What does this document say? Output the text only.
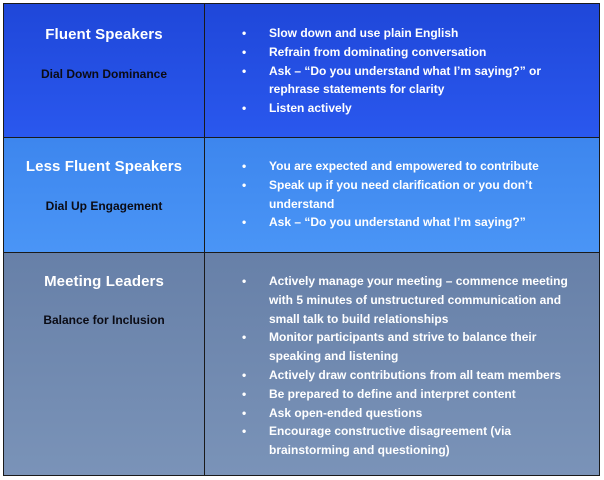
Fluent Speakers
Dial Down Dominance
• Slow down and use plain English
• Refrain from dominating conversation
• Ask – “Do you understand what I’m saying?” or rephrase statements for clarity
• Listen actively
Less Fluent Speakers
Dial Up Engagement
• You are expected and empowered to contribute
• Speak up if you need clarification or you don’t understand
• Ask – “Do you understand what I’m saying?”
Meeting Leaders
Balance for Inclusion
• Actively manage your meeting – commence meeting with 5 minutes of unstructured communication and small talk to build relationships
• Monitor participants and strive to balance their speaking and listening
• Actively draw contributions from all team members
• Be prepared to define and interpret content
• Ask open-ended questions
• Encourage constructive disagreement (via brainstorming and questioning)
